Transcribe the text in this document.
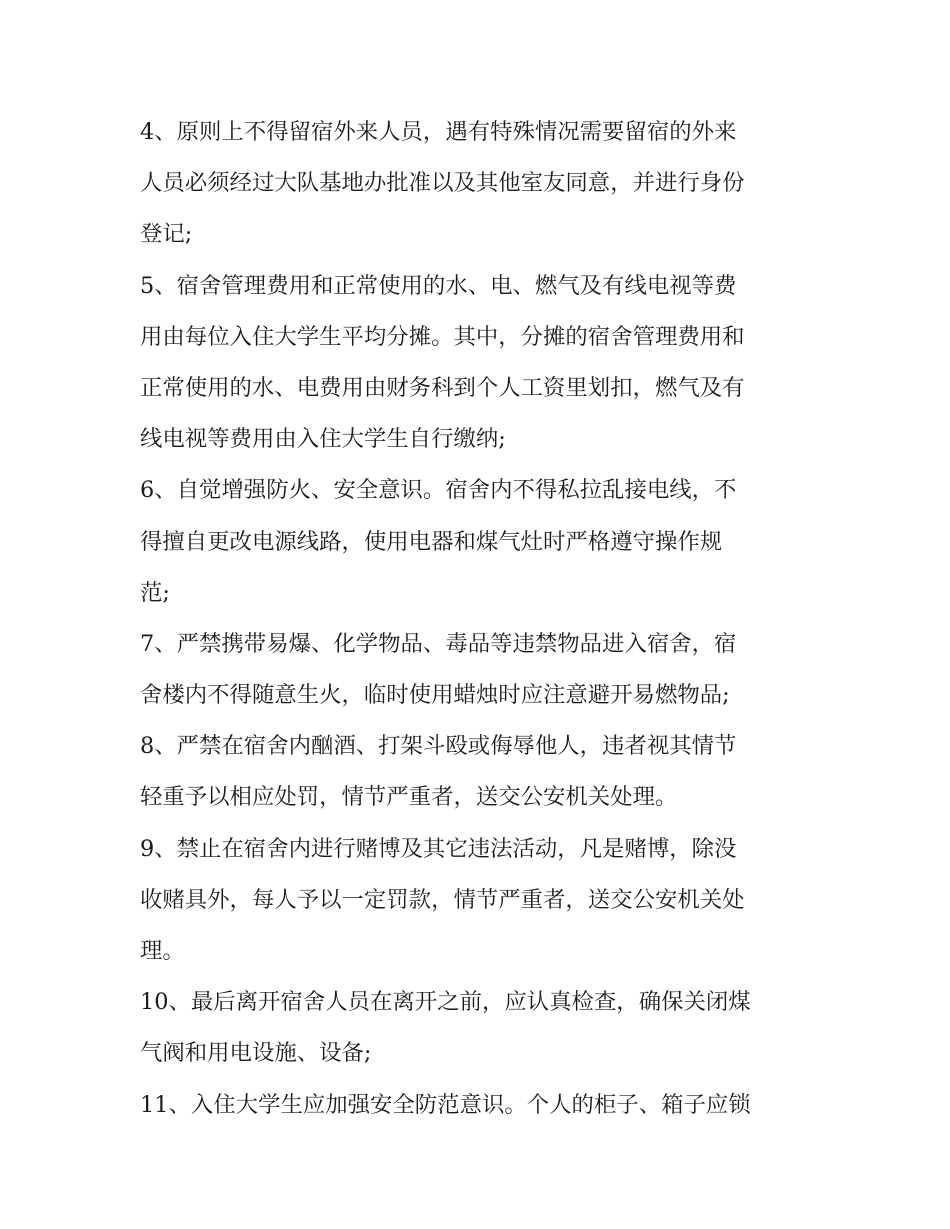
4、原则上不得留宿外来人员，遇有特殊情况需要留宿的外来
人员必须经过大队基地办批准以及其他室友同意，并进行身份
登记;
5、宿舍管理费用和正常使用的水、电、燃气及有线电视等费
用由每位入住大学生平均分摊。其中，分摊的宿舍管理费用和
正常使用的水、电费用由财务科到个人工资里划扣，燃气及有
线电视等费用由入住大学生自行缴纳;
6、自觉增强防火、安全意识。宿舍内不得私拉乱接电线，不
得擅自更改电源线路，使用电器和煤气灶时严格遵守操作规
范;
7、严禁携带易爆、化学物品、毒品等违禁物品进入宿舍，宿
舍楼内不得随意生火，临时使用蜡烛时应注意避开易燃物品;
8、严禁在宿舍内酗酒、打架斗殴或侮辱他人，违者视其情节
轻重予以相应处罚，情节严重者，送交公安机关处理。
9、禁止在宿舍内进行赌博及其它违法活动，凡是赌博，除没
收赌具外，每人予以一定罚款，情节严重者，送交公安机关处
理。
10、最后离开宿舍人员在离开之前，应认真检查，确保关闭煤
气阀和用电设施、设备;
11、入住大学生应加强安全防范意识。个人的柜子、箱子应锁
